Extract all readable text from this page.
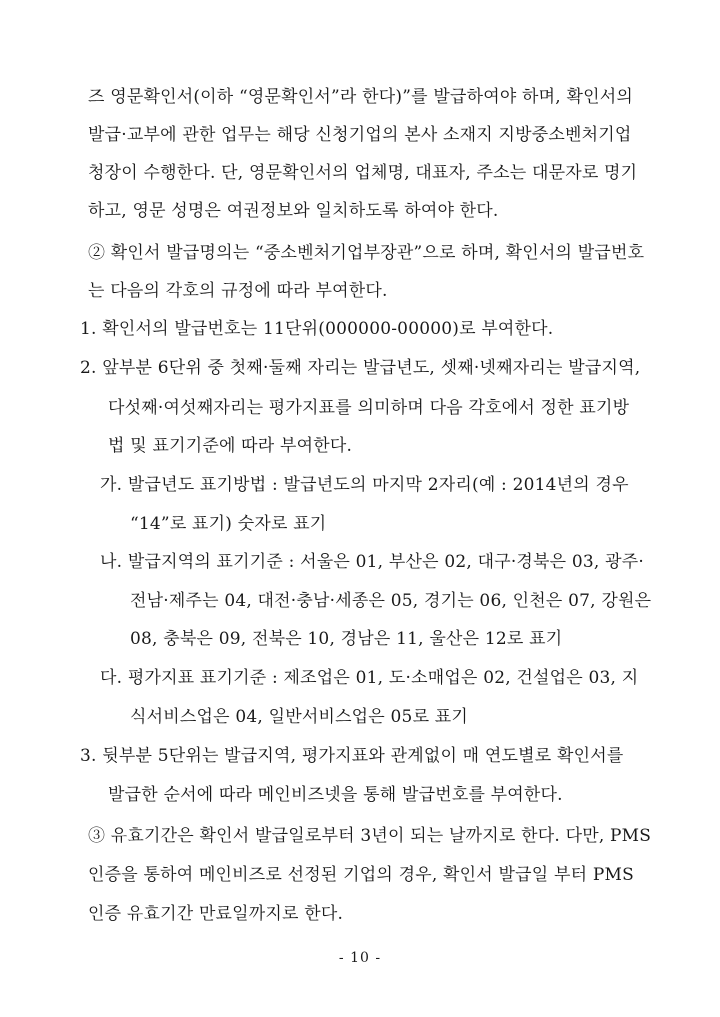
즈 영문확인서(이하 “영문확인서”라 한다)”를 발급하여야 하며, 확인서의
발급·교부에 관한 업무는 해당 신청기업의 본사 소재지 지방중소벤처기업
청장이 수행한다. 단, 영문확인서의 업체명, 대표자, 주소는 대문자로 명기
하고, 영문 성명은 여권정보와 일치하도록 하여야 한다.
② 확인서 발급명의는 “중소벤처기업부장관”으로 하며, 확인서의 발급번호
는 다음의 각호의 규정에 따라 부여한다.
1. 확인서의 발급번호는 11단위(000000-00000)로 부여한다.
2. 앞부분 6단위 중 첫째·둘째 자리는 발급년도, 셋째·넷째자리는 발급지역,
다섯째·여섯째자리는 평가지표를 의미하며 다음 각호에서 정한 표기방
법 및 표기기준에 따라 부여한다.
가. 발급년도 표기방법 : 발급년도의 마지막 2자리(예 : 2014년의 경우
“14”로 표기) 숫자로 표기
나. 발급지역의 표기기준 : 서울은 01, 부산은 02, 대구·경북은 03, 광주·
전남·제주는 04, 대전·충남·세종은 05, 경기는 06, 인천은 07, 강원은
08, 충북은 09, 전북은 10, 경남은 11, 울산은 12로 표기
다. 평가지표 표기기준 : 제조업은 01, 도·소매업은 02, 건설업은 03, 지
식서비스업은 04, 일반서비스업은 05로 표기
3. 뒷부분 5단위는 발급지역, 평가지표와 관계없이 매 연도별로 확인서를
발급한 순서에 따라 메인비즈넷을 통해 발급번호를 부여한다.
③ 유효기간은 확인서 발급일로부터 3년이 되는 날까지로 한다. 다만, PMS
인증을 통하여 메인비즈로 선정된 기업의 경우, 확인서 발급일 부터 PMS
인증 유효기간 만료일까지로 한다.
- 10 -
